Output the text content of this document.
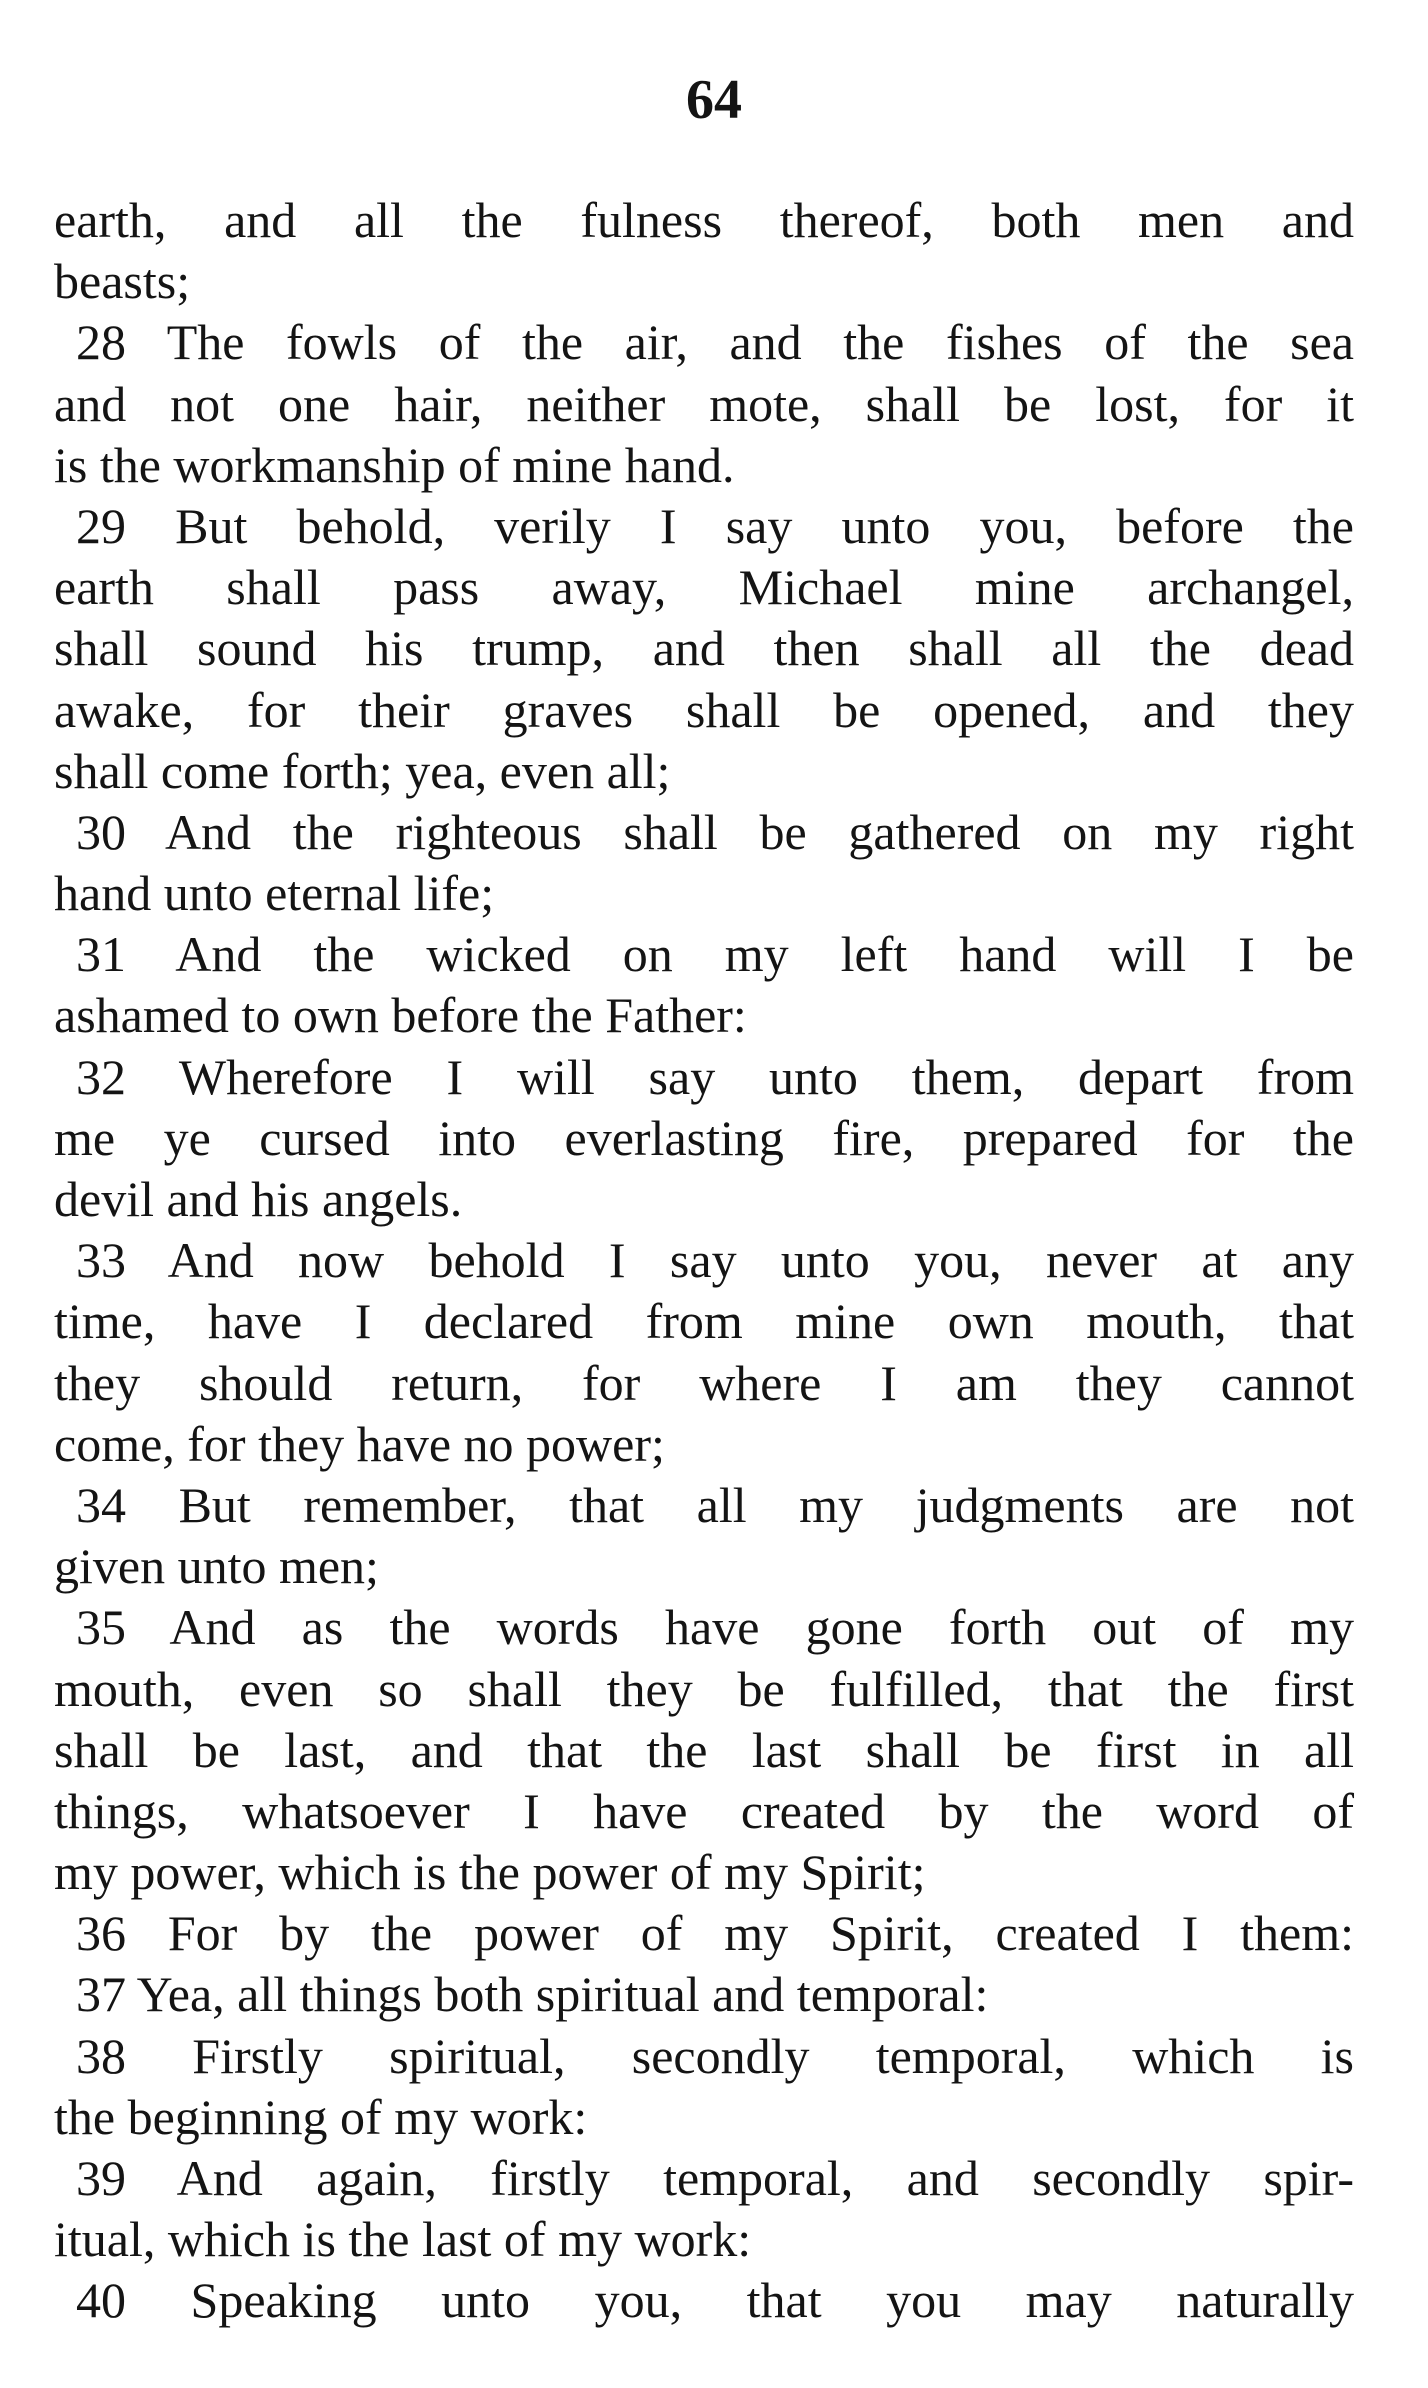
64
earth, and all the fulness thereof, both men and
beasts;
28 The fowls of the air, and the fishes of the sea
and not one hair, neither mote, shall be lost, for it
is the workmanship of mine hand.
29 But behold, verily I say unto you, before the
earth shall pass away, Michael mine archangel,
shall sound his trump, and then shall all the dead
awake, for their graves shall be opened, and they
shall come forth; yea, even all;
30 And the righteous shall be gathered on my right
hand unto eternal life;
31 And the wicked on my left hand will I be
ashamed to own before the Father:
32 Wherefore I will say unto them, depart from
me ye cursed into everlasting fire, prepared for the
devil and his angels.
33 And now behold I say unto you, never at any
time, have I declared from mine own mouth, that
they should return, for where I am they cannot
come, for they have no power;
34 But remember, that all my judgments are not
given unto men;
35 And as the words have gone forth out of my
mouth, even so shall they be fulfilled, that the first
shall be last, and that the last shall be first in all
things, whatsoever I have created by the word of
my power, which is the power of my Spirit;
36 For by the power of my Spirit, created I them:
37 Yea, all things both spiritual and temporal:
38 Firstly spiritual, secondly temporal, which is
the beginning of my work:
39 And again, firstly temporal, and secondly spir-
itual, which is the last of my work:
40 Speaking unto you, that you may naturally
